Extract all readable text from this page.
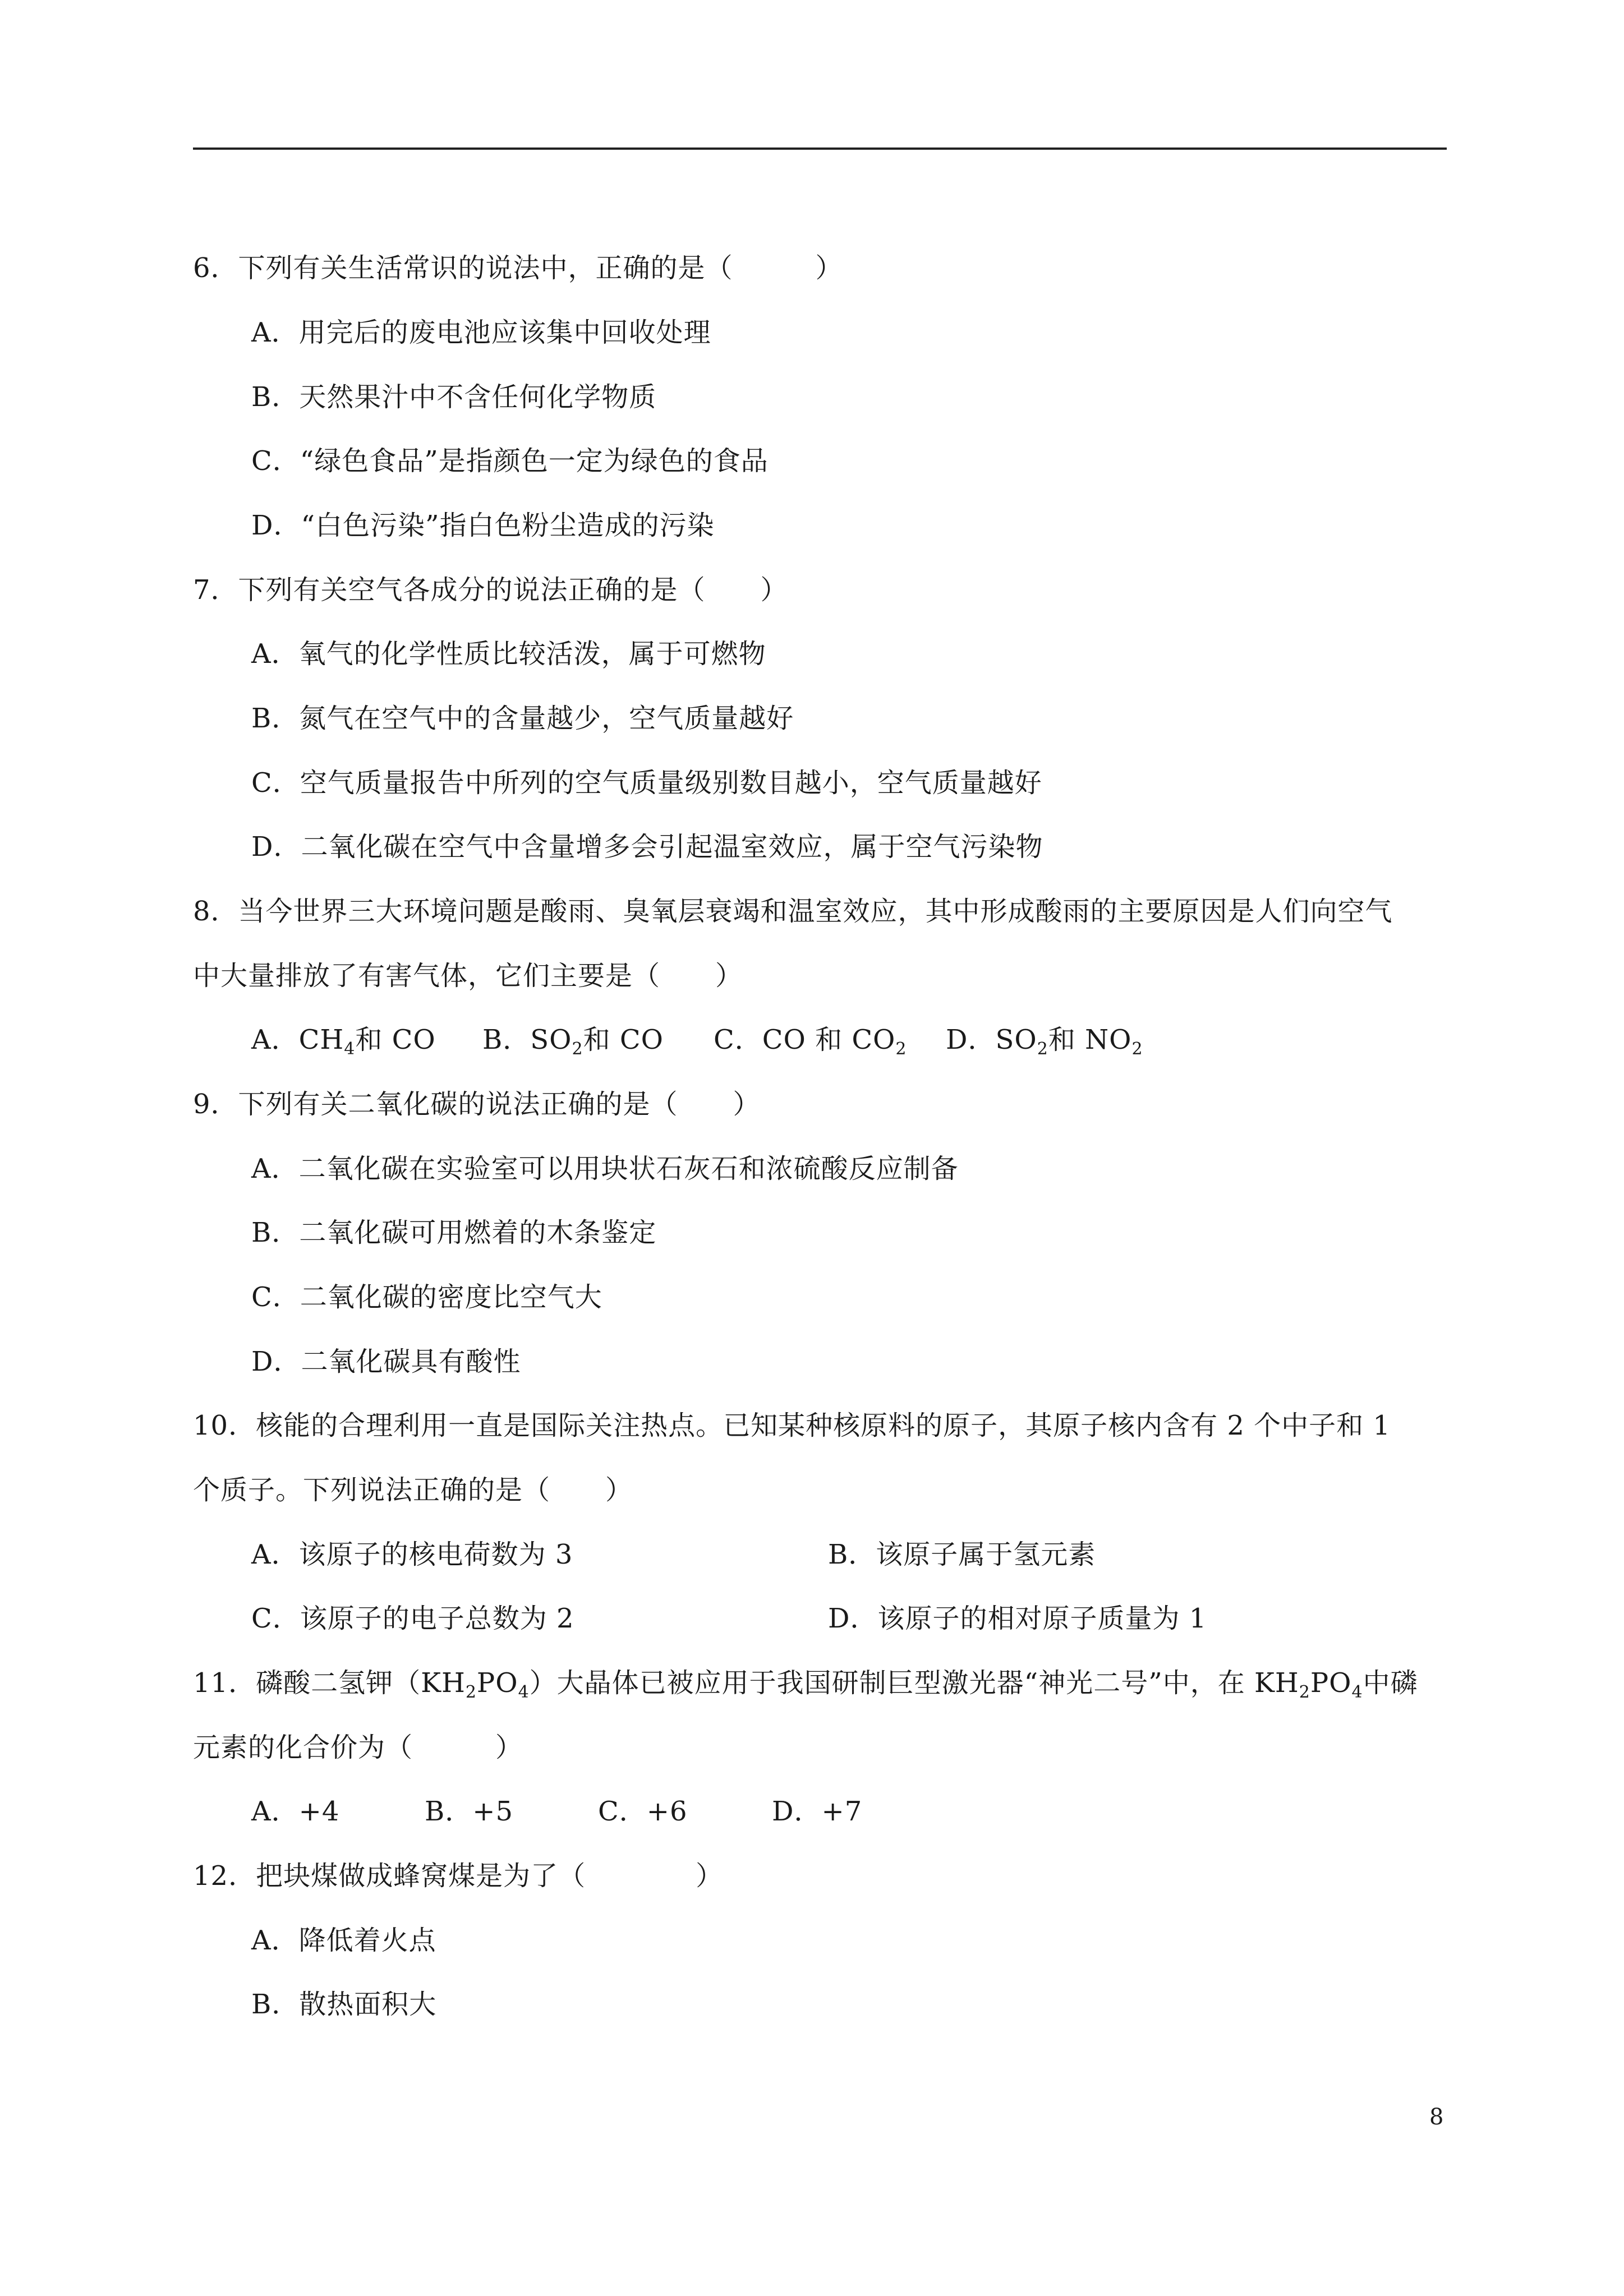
6．下列有关生活常识的说法中，正确的是（　　　）
A．用完后的废电池应该集中回收处理
B．天然果汁中不含任何化学物质
C．“绿色食品”是指颜色一定为绿色的食品
D．“白色污染”指白色粉尘造成的污染
7．下列有关空气各成分的说法正确的是（　　）
A．氧气的化学性质比较活泼，属于可燃物
B．氮气在空气中的含量越少，空气质量越好
C．空气质量报告中所列的空气质量级别数目越小，空气质量越好
D．二氧化碳在空气中含量增多会引起温室效应，属于空气污染物
8．当今世界三大环境问题是酸雨、臭氧层衰竭和温室效应，其中形成酸雨的主要原因是人们向空气
中大量排放了有害气体，它们主要是（　　）
A．$CH_4$和 CO B．$SO_2$和 CO C．CO 和 $CO_2$ D．$SO_2$和 $NO_2$
9．下列有关二氧化碳的说法正确的是（　　）
A．二氧化碳在实验室可以用块状石灰石和浓硫酸反应制备
B．二氧化碳可用燃着的木条鉴定
C．二氧化碳的密度比空气大
D．二氧化碳具有酸性
10．核能的合理利用一直是国际关注热点。已知某种核原料的原子，其原子核内含有 2 个中子和 1
个质子。下列说法正确的是（　　）
A．该原子的核电荷数为 3	B．该原子属于氢元素
C．该原子的电子总数为 2	D．该原子的相对原子质量为 1
11．磷酸二氢钾$(KH_2PO_4)$大晶体已被应用于我国研制巨型激光器“神光二号”中，在 $KH_2PO_4$中磷
元素的化合价为（　　　）
A．+4	B．+5	C．+6	D．+7
12．把块煤做成蜂窝煤是为了（　　　　）
A．降低着火点
B．散热面积大
8
